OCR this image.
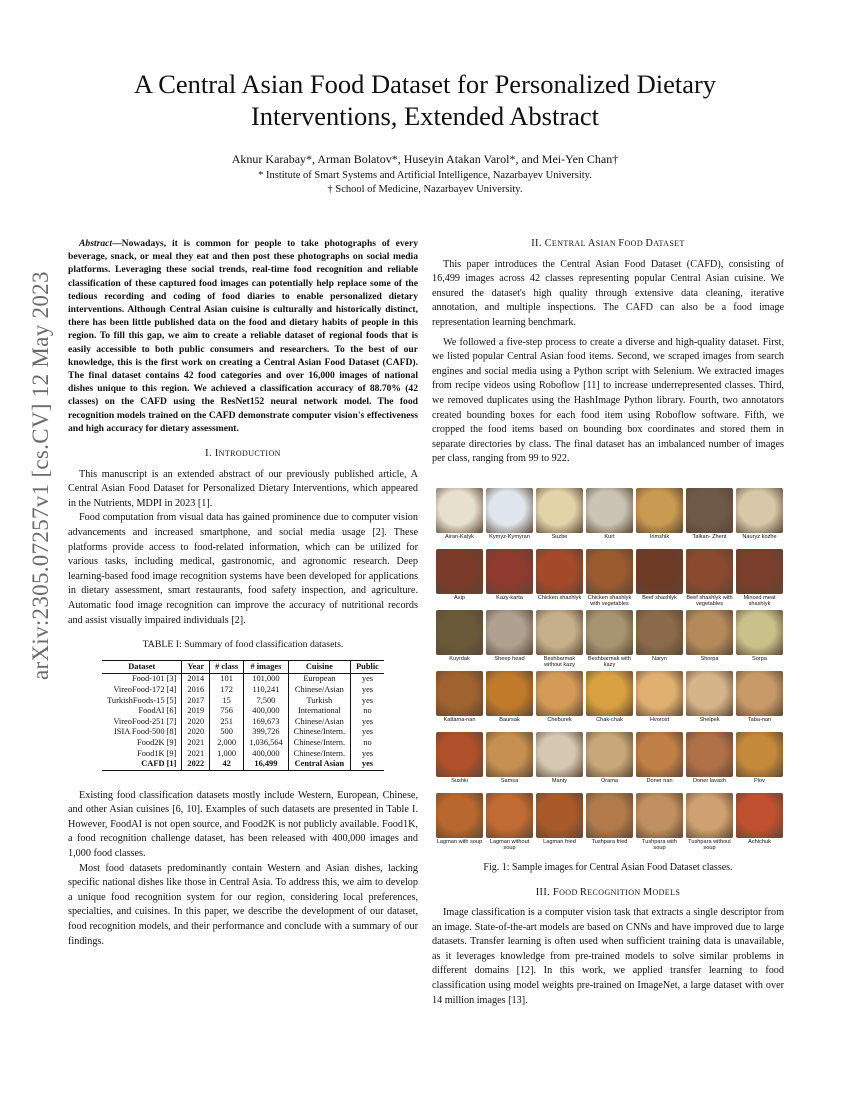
arXiv:2305.07257v1 [cs.CV] 12 May 2023
A Central Asian Food Dataset for Personalized Dietary
Interventions, Extended Abstract
Aknur Karabay*, Arman Bolatov*, Huseyin Atakan Varol*, and Mei-Yen Chan†
* Institute of Smart Systems and Artificial Intelligence, Nazarbayev University.
† School of Medicine, Nazarbayev University.

Abstract—Nowadays, it is common for people to take photographs of every beverage, snack, or meal they eat and then post these photographs on social media platforms. Leveraging these social trends, real-time food recognition and reliable classification of these captured food images can potentially help replace some of the tedious recording and coding of food diaries to enable personalized dietary interventions. Although Central Asian cuisine is culturally and historically distinct, there has been little published data on the food and dietary habits of people in this region. To fill this gap, we aim to create a reliable dataset of regional foods that is easily accessible to both public consumers and researchers. To the best of our knowledge, this is the first work on creating a Central Asian Food Dataset (CAFD). The final dataset contains 42 food categories and over 16,000 images of national dishes unique to this region. We achieved a classification accuracy of 88.70% (42 classes) on the CAFD using the ResNet152 neural network model. The food recognition models trained on the CAFD demonstrate computer vision's effectiveness and high accuracy for dietary assessment.

I. INTRODUCTION

This manuscript is an extended abstract of our previously published article, A Central Asian Food Dataset for Personalized Dietary Interventions, which appeared in the Nutrients, MDPI in 2023 [1].

Food computation from visual data has gained prominence due to computer vision advancements and increased smartphone, and social media usage [2]. These platforms provide access to food-related information, which can be utilized for various tasks, including medical, gastronomic, and agronomic research. Deep learning-based food image recognition systems have been developed for applications in dietary assessment, smart restaurants, food safety inspection, and agriculture. Automatic food image recognition can improve the accuracy of nutritional records and assist visually impaired individuals [2].

TABLE I: Summary of food classification datasets.
Dataset	Year	# class	# images	Cuisine	Public
Food-101 [3]	2014	101	101,000	European	yes
VireoFood-172 [4]	2016	172	110,241	Chinese/Asian	yes
TurkishFoods-15 [5]	2017	15	7,500	Turkish	yes
FoodAI [6]	2019	756	400,000	International	no
VireoFood-251 [7]	2020	251	169,673	Chinese/Asian	yes
ISIA Food-500 [8]	2020	500	399,726	Chinese/Intern.	yes
Food2K [9]	2021	2,000	1,036,564	Chinese/Intern.	no
Food1K [9]	2021	1,000	400,000	Chinese/Intern.	yes
CAFD [1]	2022	42	16,499	Central Asian	yes

Existing food classification datasets mostly include Western, European, Chinese, and other Asian cuisines [6, 10]. Examples of such datasets are presented in Table I. However, FoodAI is not open source, and Food2K is not publicly available. Food1K, a food recognition challenge dataset, has been released with 400,000 images and 1,000 food classes.

Most food datasets predominantly contain Western and Asian dishes, lacking specific national dishes like those in Central Asia. To address this, we aim to develop a unique food recognition system for our region, considering local preferences, specialties, and cuisines. In this paper, we describe the development of our dataset, food recognition models, and their performance and conclude with a summary of our findings.

II. CENTRAL ASIAN FOOD DATASET

This paper introduces the Central Asian Food Dataset (CAFD), consisting of 16,499 images across 42 classes representing popular Central Asian cuisine. We ensured the dataset's high quality through extensive data cleaning, iterative annotation, and multiple inspections. The CAFD can also be a food image representation learning benchmark.

We followed a five-step process to create a diverse and high-quality dataset. First, we listed popular Central Asian food items. Second, we scraped images from search engines and social media using a Python script with Selenium. We extracted images from recipe videos using Roboflow [11] to increase underrepresented classes. Third, we removed duplicates using the HashImage Python library. Fourth, two annotators created bounding boxes for each food item using Roboflow software. Fifth, we cropped the food items based on bounding box coordinates and stored them in separate directories by class. The final dataset has an imbalanced number of images per class, ranging from 99 to 922.

Airan-Katyk	Kymyz-Kymyran	Suzbe	Kurt	Irimshik	Talkan- Zhent	Nauryz kozhe
Asip	Kazy-karta	Chicken shashlyk	Chicken shashlyk with vegetables
Beef shashlyk	Beef shashlyk with vegetables
Minced meat shashlyk
Kuyrdak	Sheep head	Beshbarmak without kazy
Beshbarmak with kazy
Naryn	Shorpa	Sorpa
Kattama-nan	Baursak	Cheburek	Chak-chak	Hvorost	Shelpek	Taba-nan
Sushki	Samsa	Manty	Orama	Doner nan	Doner lavash	Plov
Lagman with soup	Lagman without soup
Lagman fried	Tushpara fried	Tushpara with soup
Tushpara without soup
Achichuk
Fig. 1: Sample images for Central Asian Food Dataset classes.
III. FOOD RECOGNITION MODELS

Image classification is a computer vision task that extracts a single descriptor from an image. State-of-the-art models are based on CNNs and have improved due to large datasets. Transfer learning is often used when sufficient training data is unavailable, as it leverages knowledge from pre-trained models to solve similar problems in different domains [12]. In this work, we applied transfer learning to food classification using model weights pre-trained on ImageNet, a large dataset with over 14 million images [13].
